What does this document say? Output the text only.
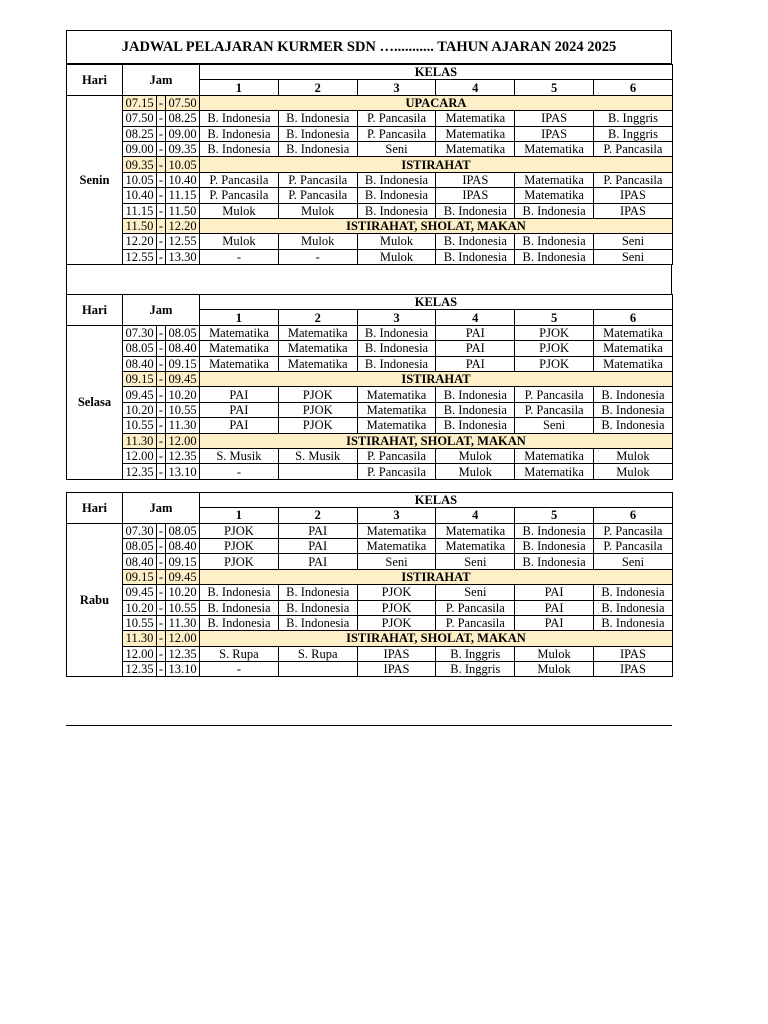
JADWAL PELAJARAN KURMER SDN …........... TAHUN AJARAN 2024 2025
Hari	Jam			KELAS					
				1	2	3	4	5	6
Senin	07.15	-	07.50	UPACARA					
	07.50	-	08.25	B. Indonesia	B. Indonesia	P. Pancasila	Matematika	IPAS	B. Inggris
	08.25	-	09.00	B. Indonesia	B. Indonesia	P. Pancasila	Matematika	IPAS	B. Inggris
	09.00	-	09.35	B. Indonesia	B. Indonesia	Seni	Matematika	Matematika	P. Pancasila
	09.35	-	10.05	ISTIRAHAT					
	10.05	-	10.40	P. Pancasila	P. Pancasila	B. Indonesia	IPAS	Matematika	P. Pancasila
	10.40	-	11.15	P. Pancasila	P. Pancasila	B. Indonesia	IPAS	Matematika	IPAS
	11.15	-	11.50	Mulok	Mulok	B. Indonesia	B. Indonesia	B. Indonesia	IPAS
	11.50	-	12.20	ISTIRAHAT, SHOLAT, MAKAN					
	12.20	-	12.55	Mulok	Mulok	Mulok	B. Indonesia	B. Indonesia	Seni
	12.55	-	13.30	-	-	Mulok	B. Indonesia	B. Indonesia	Seni
Hari	Jam			KELAS					
				1	2	3	4	5	6
Selasa	07.30	-	08.05	Matematika	Matematika	B. Indonesia	PAI	PJOK	Matematika
	08.05	-	08.40	Matematika	Matematika	B. Indonesia	PAI	PJOK	Matematika
	08.40	-	09.15	Matematika	Matematika	B. Indonesia	PAI	PJOK	Matematika
	09.15	-	09.45	ISTIRAHAT					
	09.45	-	10.20	PAI	PJOK	Matematika	B. Indonesia	P. Pancasila	B. Indonesia
	10.20	-	10.55	PAI	PJOK	Matematika	B. Indonesia	P. Pancasila	B. Indonesia
	10.55	-	11.30	PAI	PJOK	Matematika	B. Indonesia	Seni	B. Indonesia
	11.30	-	12.00	ISTIRAHAT, SHOLAT, MAKAN					
	12.00	-	12.35	S. Musik	S. Musik	P. Pancasila	Mulok	Matematika	Mulok
	12.35	-	13.10	-		P. Pancasila	Mulok	Matematika	Mulok
Hari	Jam			KELAS					
				1	2	3	4	5	6
Rabu	07.30	-	08.05	PJOK	PAI	Matematika	Matematika	B. Indonesia	P. Pancasila
	08.05	-	08.40	PJOK	PAI	Matematika	Matematika	B. Indonesia	P. Pancasila
	08.40	-	09.15	PJOK	PAI	Seni	Seni	B. Indonesia	Seni
	09.15	-	09.45	ISTIRAHAT					
	09.45	-	10.20	B. Indonesia	B. Indonesia	PJOK	Seni	PAI	B. Indonesia
	10.20	-	10.55	B. Indonesia	B. Indonesia	PJOK	P. Pancasila	PAI	B. Indonesia
	10.55	-	11.30	B. Indonesia	B. Indonesia	PJOK	P. Pancasila	PAI	B. Indonesia
	11.30	-	12.00	ISTIRAHAT, SHOLAT, MAKAN					
	12.00	-	12.35	S. Rupa	S. Rupa	IPAS	B. Inggris	Mulok	IPAS
	12.35	-	13.10	-		IPAS	B. Inggris	Mulok	IPAS
